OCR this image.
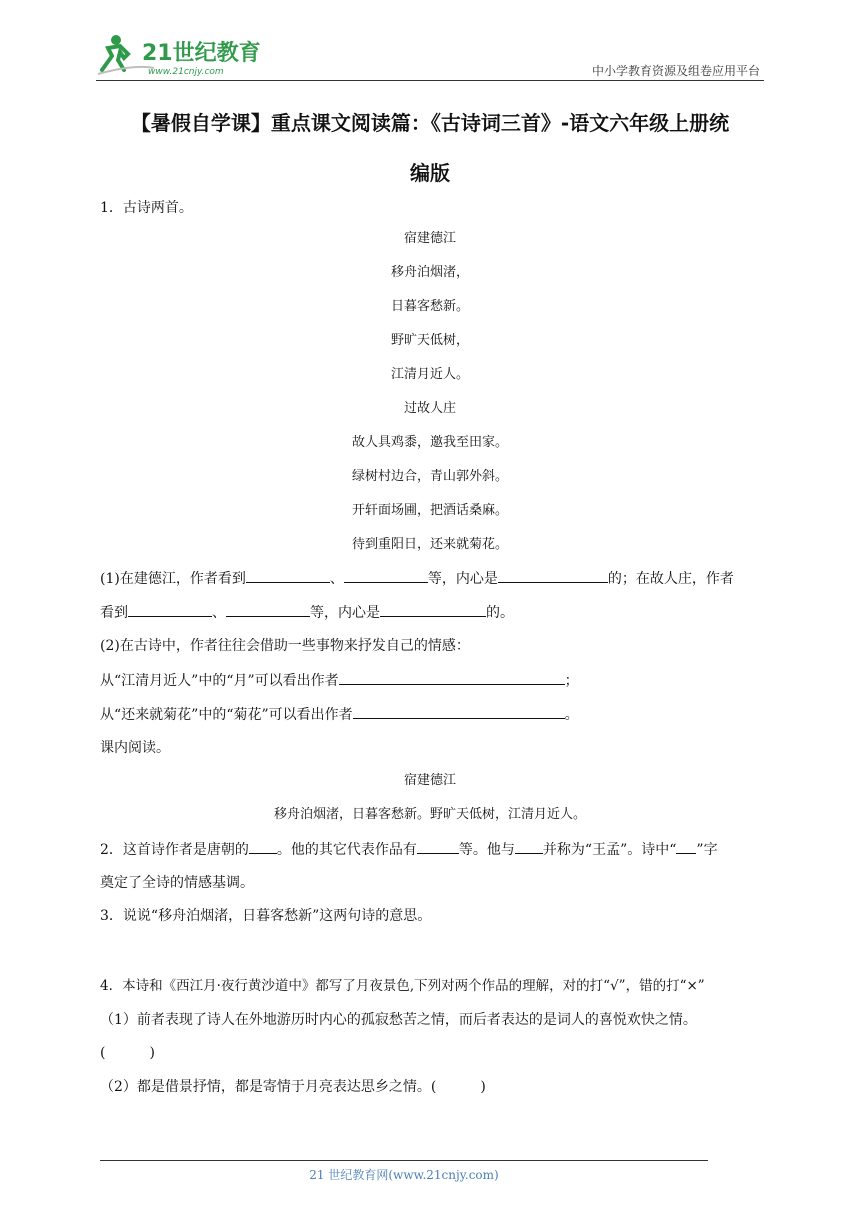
21世纪教育
www.21cnjy.com	中小学教育资源及组卷应用平台
【暑假自学课】重点课文阅读篇：《古诗词三首》-语文六年级上册统
编版
1．古诗两首。
宿建德江
移舟泊烟渚，
日暮客愁新。
野旷天低树，
江清月近人。
过故人庄
故人具鸡黍，邀我至田家。
绿树村边合，青山郭外斜。
开轩面场圃，把酒话桑麻。
待到重阳日，还来就菊花。
(1)在建德江，作者看到	、	等，内心是	的；在故人庄，作者
看到	、	等，内心是	的。
(2)在古诗中，作者往往会借助一些事物来抒发自己的情感：
从“江清月近人”中的“月”可以看出作者	；
从“还来就菊花”中的“菊花”可以看出作者	。
课内阅读。
宿建德江
移舟泊烟渚，日暮客愁新。野旷天低树，江清月近人。
2．这首诗作者是唐朝的 。他的其它代表作品有	等。他与 并称为“王孟”。诗中“ ”字
奠定了全诗的情感基调。
3．说说“移舟泊烟渚，日暮客愁新”这两句诗的意思。
4．本诗和《西江月·夜行黄沙道中》都写了月夜景色,下列对两个作品的理解，对的打“√”，错的打“×”
（1）前者表现了诗人在外地游历时内心的孤寂愁苦之情，而后者表达的是词人的喜悦欢快之情。
(	)
（2）都是借景抒情，都是寄情于月亮表达思乡之情。(	)
21 世纪教育网(www.21cnjy.com)
